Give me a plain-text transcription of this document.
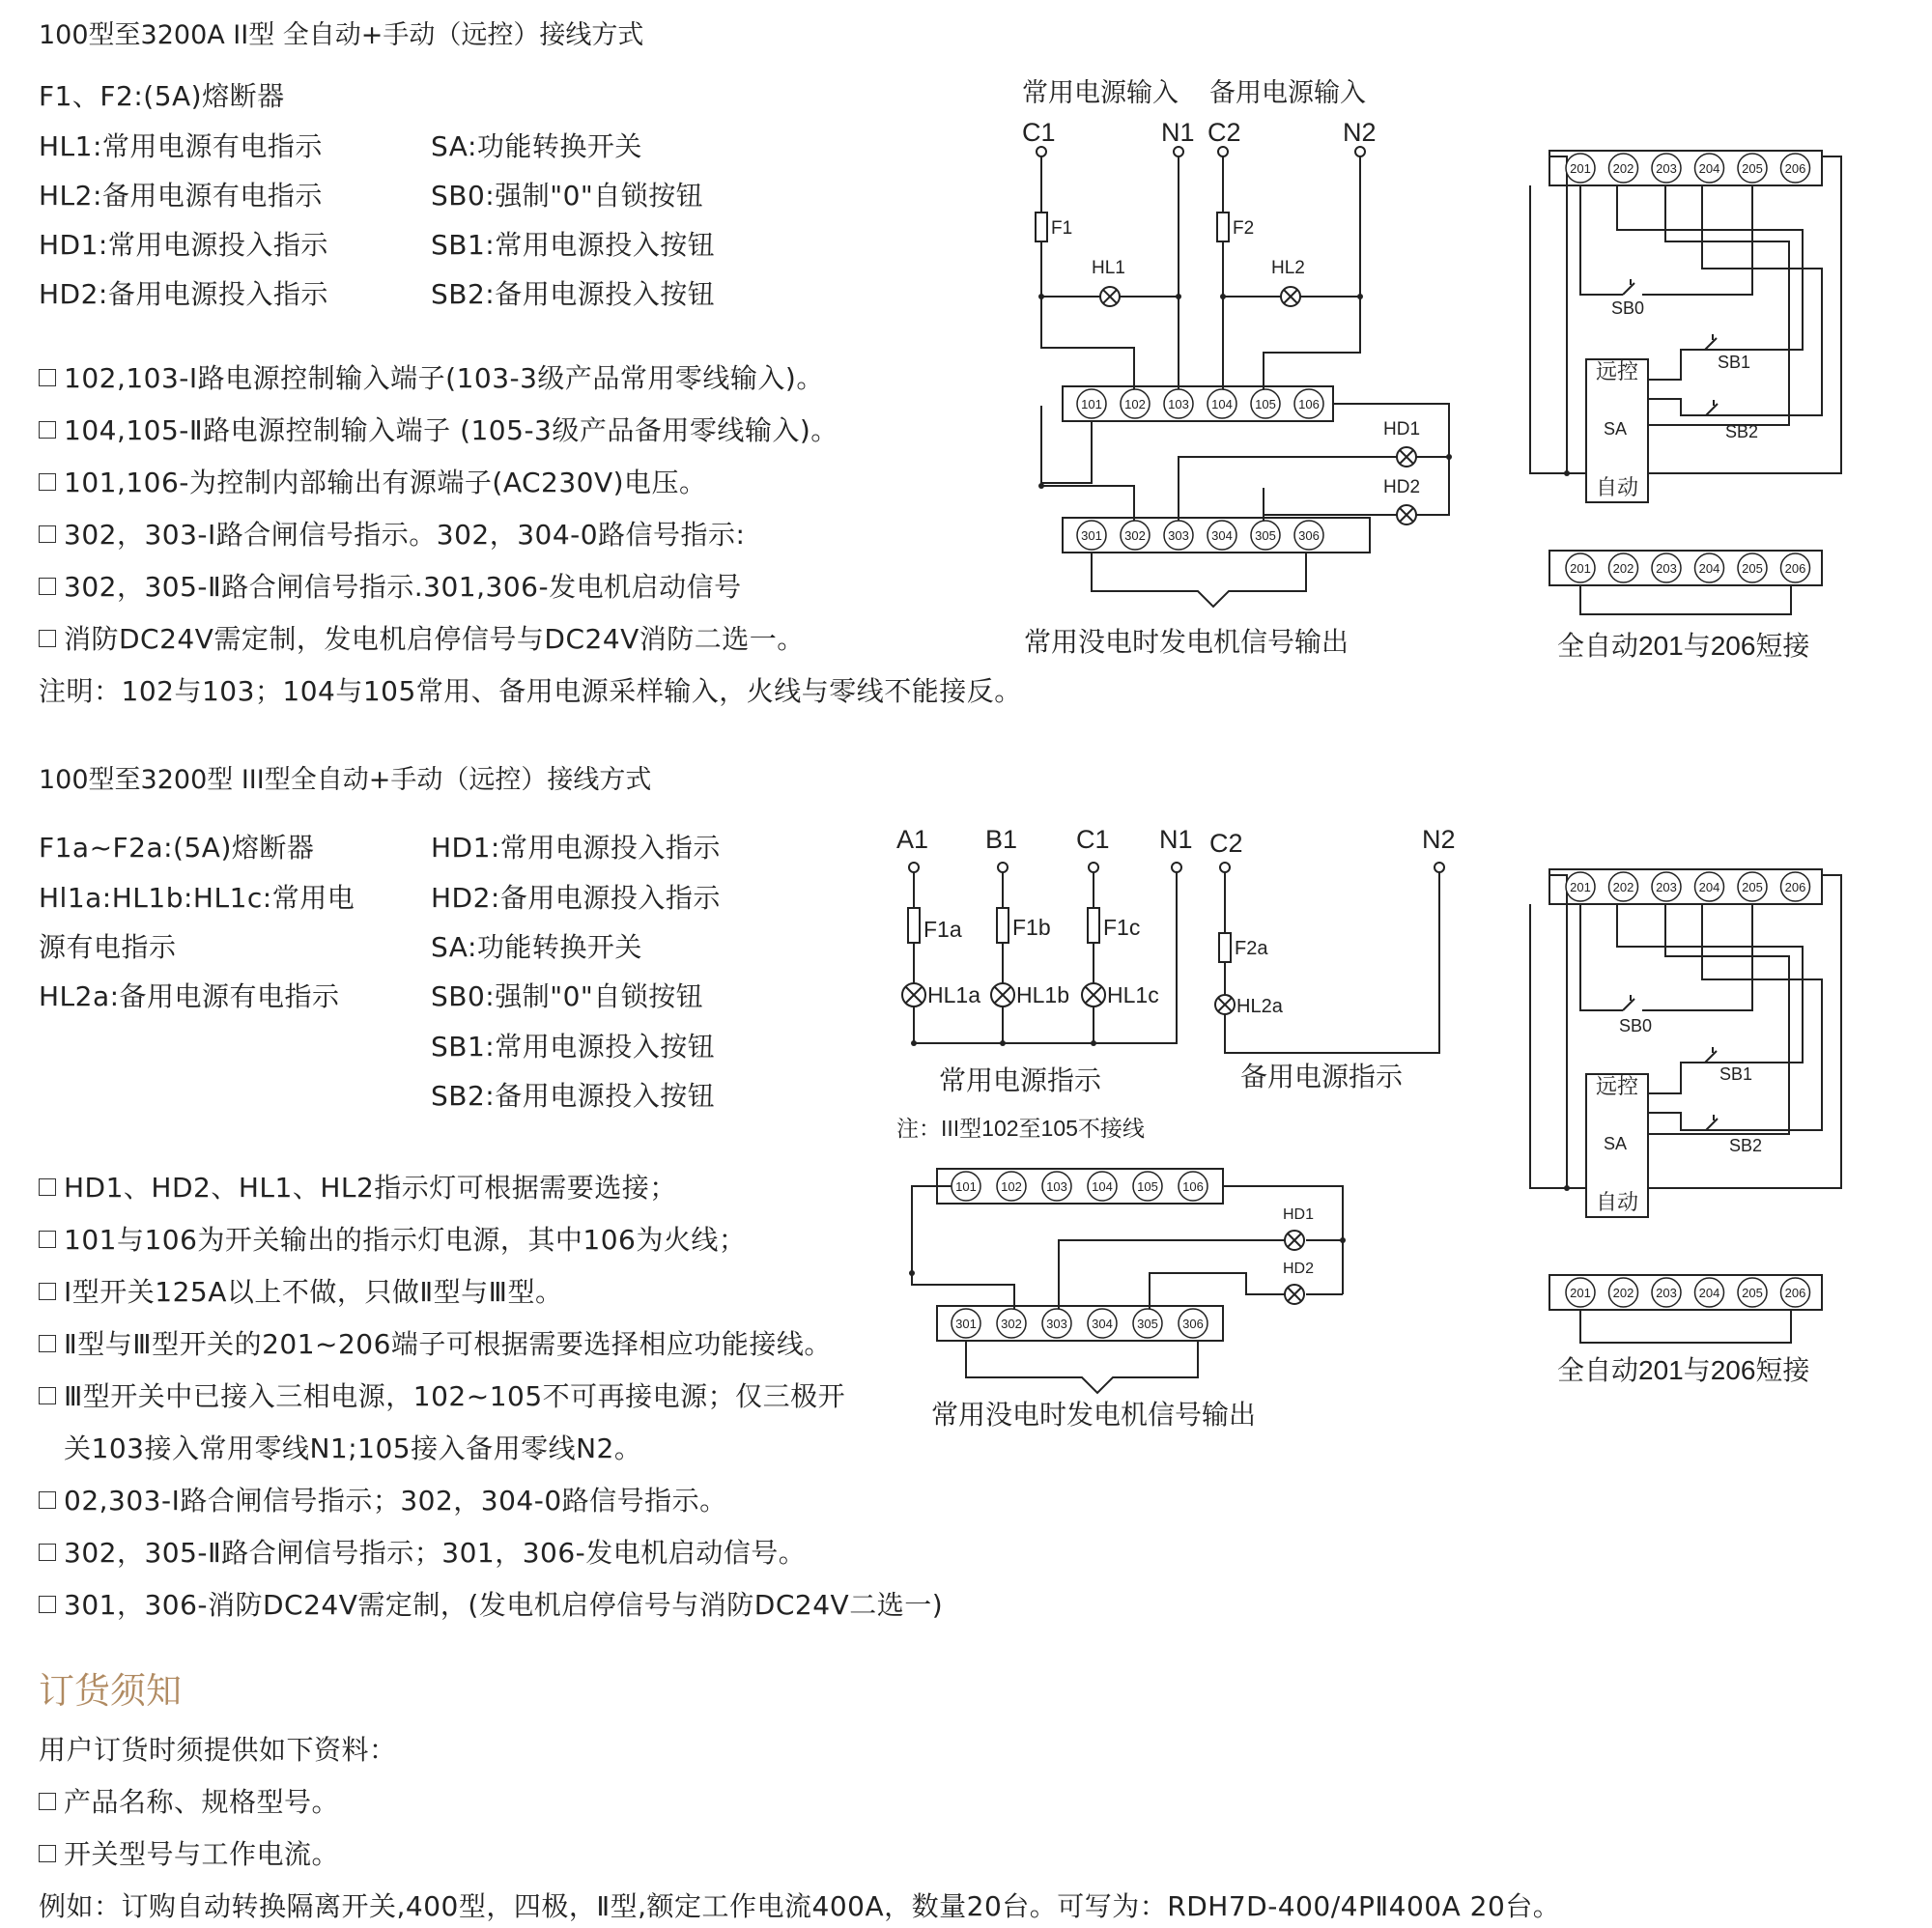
100型至3200A II型 全自动+手动（远控）接线方式
F1、F2:(5A)熔断器
HL1:常用电源有电指示
HL2:备用电源有电指示
HD1:常用电源投入指示
HD2:备用电源投入指示
SA:功能转换开关
SB0:强制"0"自锁按钮
SB1:常用电源投入按钮
SB2:备用电源投入按钮
102,103-Ⅰ路电源控制输入端子(103-3级产品常用零线输入)。
104,105-Ⅱ路电源控制输入端子 (105-3级产品备用零线输入)。
101,106-为控制内部输出有源端子(AC230V)电压。
302，303-Ⅰ路合闸信号指示。302，304-0路信号指示:
302，305-Ⅱ路合闸信号指示.301,306-发电机启动信号
消防DC24V需定制，发电机启停信号与DC24V消防二选一。
注明：102与103；104与105常用、备用电源采样输入，火线与零线不能接反。
100型至3200型 III型全自动+手动（远控）接线方式
F1a~F2a:(5A)熔断器
Hl1a:HL1b:HL1c:常用电
源有电指示
HL2a:备用电源有电指示
HD1:常用电源投入指示
HD2:备用电源投入指示
SA:功能转换开关
SB0:强制"0"自锁按钮
SB1:常用电源投入按钮
SB2:备用电源投入按钮
HD1、HD2、HL1、HL2指示灯可根据需要选接；
101与106为开关输出的指示灯电源，其中106为火线；
I型开关125A以上不做，只做Ⅱ型与Ⅲ型。
Ⅱ型与Ⅲ型开关的201~206端子可根据需要选择相应功能接线。
Ⅲ型开关中已接入三相电源，102~105不可再接电源；仅三极开
关103接入常用零线N1;105接入备用零线N2。
02,303-Ⅰ路合闸信号指示；302，304-0路信号指示。
302，305-Ⅱ路合闸信号指示；301，306-发电机启动信号。
301，306-消防DC24V需定制，(发电机启停信号与消防DC24V二选一)
订货须知
用户订货时须提供如下资料：
产品名称、规格型号。
开关型号与工作电流。
例如：订购自动转换隔离开关,400型，四极，Ⅱ型,额定工作电流400A，数量20台。可写为：RDH7D-400/4PⅡ400A 20台。
101 102 103 104 105 106
301 302 303 304 305 306
201 202 203 204 205 206
201 202 203 204 205 206
101 102 103 104 105 106
301 302 303 304 305 306
201 202 203 204 205 206
201 202 203 204 205 206
常用电源输入 备用电源输入
C1	N1 C2	N2
F1	F2
HL1	HL2
HD1
HD2
常用没电时发电机信号输出
SB0
远控
SA
SB1
SB2
自动
全自动201与206短接
A1 B1 C1 N1 C2	N2
F1a F1b F1c
F2a
HL1a HL1b HL1c	HL2a
HD1
HD2
常用电源指示	备用电源指示
注：III型102至105不接线
常用没电时发电机信号输出
SB0
远控
SA
SB1
SB2
自动
全自动201与206短接
